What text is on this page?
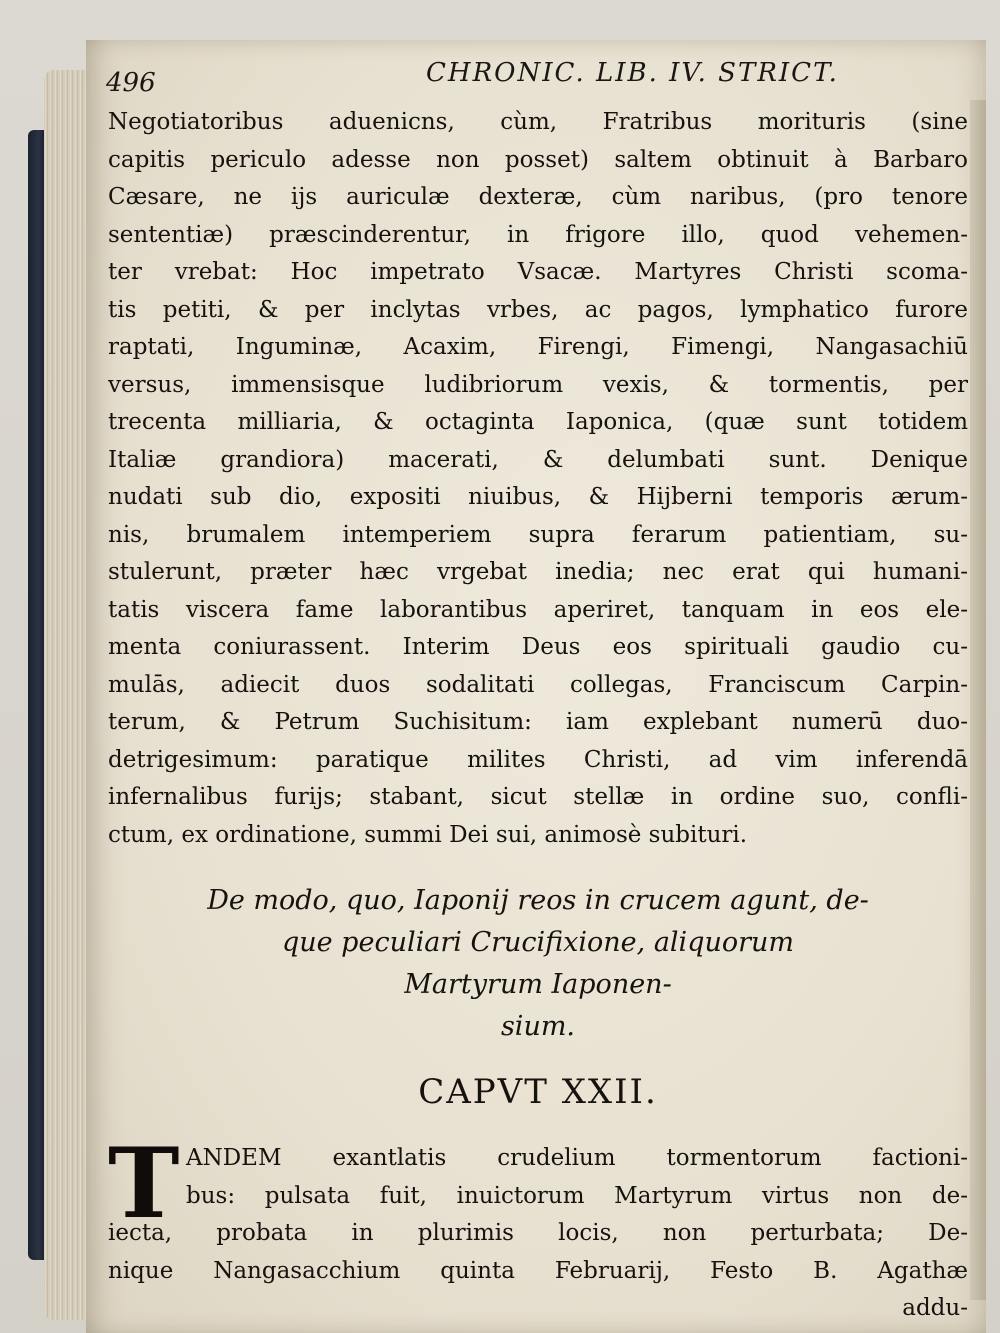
496	CHRONIC. LIB. IV. STRICT.
Negotiatoribus aduenicns, cùm, Fratribus morituris (sine
capitis periculo adesse non posset) saltem obtinuit à Barbaro
Cæsare, ne ijs auriculæ dexteræ, cùm naribus, (pro tenore
sententiæ) præscinderentur, in frigore illo, quod vehemen-
ter vrebat: Hoc impetrato Vsacæ. Martyres Christi scoma-
tis petiti, & per inclytas vrbes, ac pagos, lymphatico furore
raptati, Inguminæ, Acaxim, Firengi, Fimengi, Nangasachiū
versus, immensisque ludibriorum vexis, & tormentis, per
trecenta milliaria, & octaginta Iaponica, (quæ sunt totidem
Italiæ grandiora) macerati, & delumbati sunt. Denique
nudati sub dio, expositi niuibus, & Hijberni temporis ærum-
nis, brumalem intemperiem supra ferarum patientiam, su-
stulerunt, præter hæc vrgebat inedia; nec erat qui humani-
tatis viscera fame laborantibus aperiret, tanquam in eos ele-
menta coniurassent. Interim Deus eos spirituali gaudio cu-
mulās, adiecit duos sodalitati collegas, Franciscum Carpin-
terum, & Petrum Suchisitum: iam explebant numerū duo-
detrigesimum: paratique milites Christi, ad vim inferendā
infernalibus furijs; stabant, sicut stellæ in ordine suo, confli-
ctum, ex ordinatione, summi Dei sui, animosè subituri.
De modo, quo, Iaponij reos in crucem agunt, de-
que peculiari Crucifixione, aliquorum
Martyrum Iaponen-
sium.
CAPVT XXII.
T ANDEM exantlatis crudelium tormentorum factioni-
bus: pulsata fuit, inuictorum Martyrum virtus non de-
iecta, probata in plurimis locis, non perturbata; De-
nique Nangasacchium quinta Februarij, Festo B. Agathæ
addu-
